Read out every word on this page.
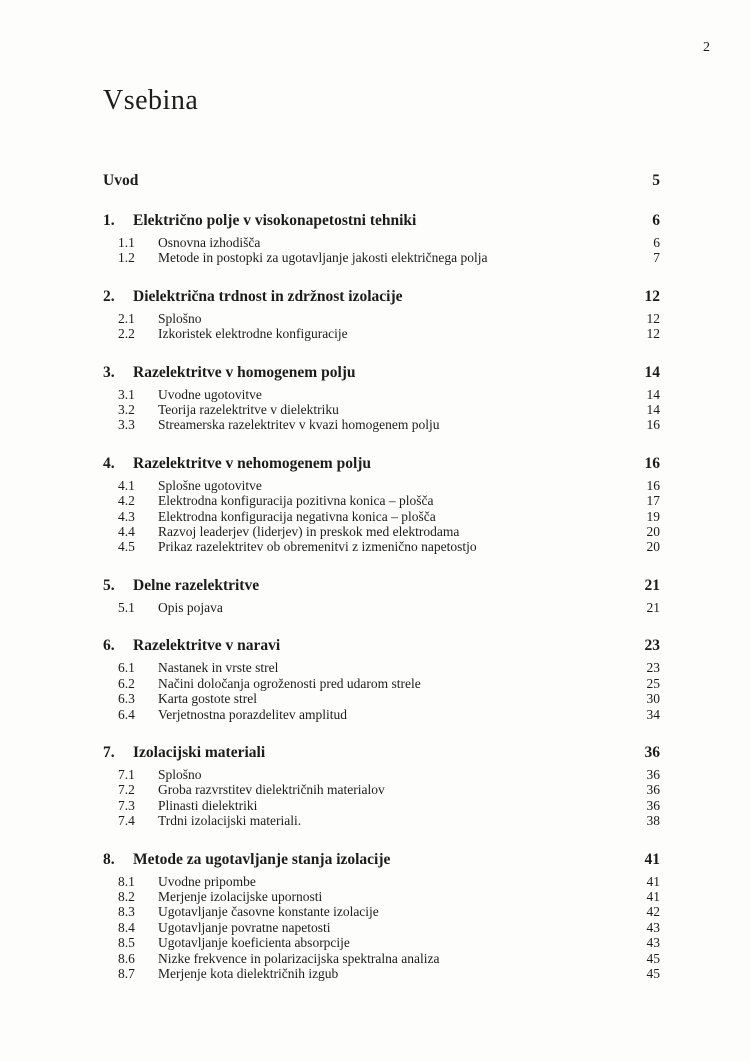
2
Vsebina
Uvod	5
1.	Električno polje v visokonapetostni tehniki	6
1.1	Osnovna izhodišča	6
1.2	Metode in postopki za ugotavljanje jakosti električnega polja	7
2.	Dielektrična trdnost in zdržnost izolacije	12
2.1	Splošno	12
2.2	Izkoristek elektrodne konfiguracije	12
3.	Razelektritve v homogenem polju	14
3.1	Uvodne ugotovitve	14
3.2	Teorija razelektritve v dielektriku	14
3.3	Streamerska razelektritev v kvazi homogenem polju	16
4.	Razelektritve v nehomogenem polju	16
4.1	Splošne ugotovitve	16
4.2	Elektrodna konfiguracija pozitivna konica – plošča	17
4.3	Elektrodna konfiguracija negativna konica – plošča	19
4.4	Razvoj leaderjev (liderjev) in preskok med elektrodama	20
4.5	Prikaz razelektritev ob obremenitvi z izmenično napetostjo	20
5.	Delne razelektritve	21
5.1	Opis pojava	21
6.	Razelektritve v naravi	23
6.1	Nastanek in vrste strel	23
6.2	Načini določanja ogroženosti pred udarom strele	25
6.3	Karta gostote strel	30
6.4	Verjetnostna porazdelitev amplitud	34
7.	Izolacijski materiali	36
7.1	Splošno	36
7.2	Groba razvrstitev dielektričnih materialov	36
7.3	Plinasti dielektriki	36
7.4	Trdni izolacijski materiali.	38
8.	Metode za ugotavljanje stanja izolacije	41
8.1	Uvodne pripombe	41
8.2	Merjenje izolacijske upornosti	41
8.3	Ugotavljanje časovne konstante izolacije	42
8.4	Ugotavljanje povratne napetosti	43
8.5	Ugotavljanje koeficienta absorpcije	43
8.6	Nizke frekvence in polarizacijska spektralna analiza	45
8.7	Merjenje kota dielektričnih izgub	45
